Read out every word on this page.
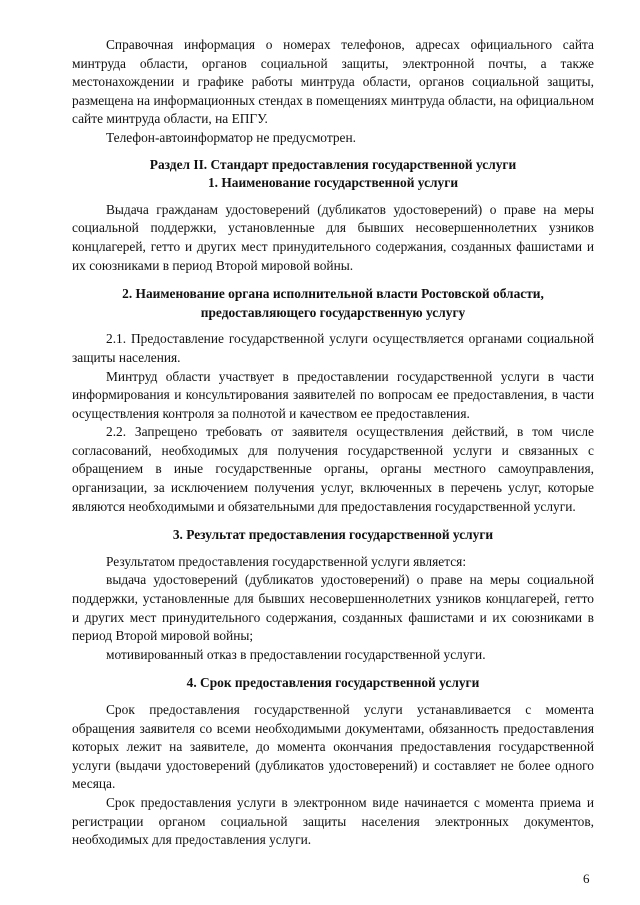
Справочная информация о номерах телефонов, адресах официального сайта минтруда области, органов социальной защиты, электронной почты, а также местонахождении и графике работы минтруда области, органов социальной защиты, размещена на информационных стендах в помещениях минтруда области, на официальном сайте минтруда области, на ЕПГУ.

Телефон-автоинформатор не предусмотрен.

Раздел II. Стандарт предоставления государственной услуги
1. Наименование государственной услуги

Выдача гражданам удостоверений (дубликатов удостоверений) о праве на меры социальной поддержки, установленные для бывших несовершеннолетних узников концлагерей, гетто и других мест принудительного содержания, созданных фашистами и их союзниками в период Второй мировой войны.

2. Наименование органа исполнительной власти Ростовской области,
предоставляющего государственную услугу

2.1. Предоставление государственной услуги осуществляется органами социальной защиты населения.

Минтруд области участвует в предоставлении государственной услуги в части информирования и консультирования заявителей по вопросам ее предоставления, в части осуществления контроля за полнотой и качеством ее предоставления.

2.2. Запрещено требовать от заявителя осуществления действий, в том числе согласований, необходимых для получения государственной услуги и связанных с обращением в иные государственные органы, органы местного самоуправления, организации, за исключением получения услуг, включенных в перечень услуг, которые являются необходимыми и обязательными для предоставления государственной услуги.

3. Результат предоставления государственной услуги

Результатом предоставления государственной услуги является:

выдача удостоверений (дубликатов удостоверений) о праве на меры социальной поддержки, установленные для бывших несовершеннолетних узников концлагерей, гетто и других мест принудительного содержания, созданных фашистами и их союзниками в период Второй мировой войны;

мотивированный отказ в предоставлении государственной услуги.

4. Срок предоставления государственной услуги

Срок предоставления государственной услуги устанавливается с момента обращения заявителя со всеми необходимыми документами, обязанность предоставления которых лежит на заявителе, до момента окончания предоставления государственной услуги (выдачи удостоверений (дубликатов удостоверений) и составляет не более одного месяца.

Срок предоставления услуги в электронном виде начинается с момента приема и регистрации органом социальной защиты населения электронных документов, необходимых для предоставления услуги.

6
